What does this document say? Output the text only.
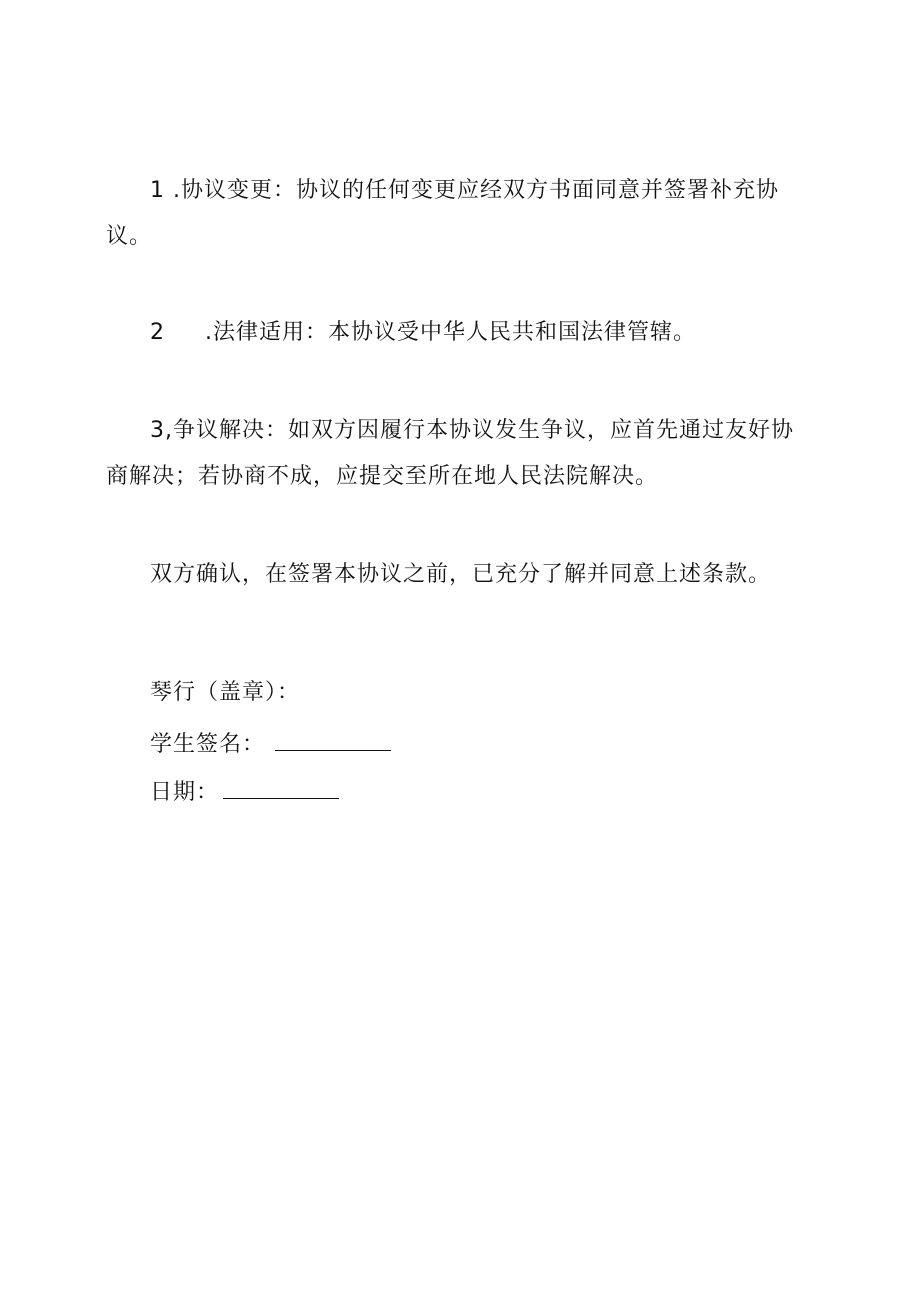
1 .协议变更：协议的任何变更应经双方书面同意并签署补充协议。

2 .法律适用：本协议受中华人民共和国法律管辖。

3,争议解决：如双方因履行本协议发生争议，应首先通过友好协商解决；若协商不成，应提交至所在地人民法院解决。

双方确认，在签署本协议之前，已充分了解并同意上述条款。

琴行（盖章）：

学生签名：

日期：
